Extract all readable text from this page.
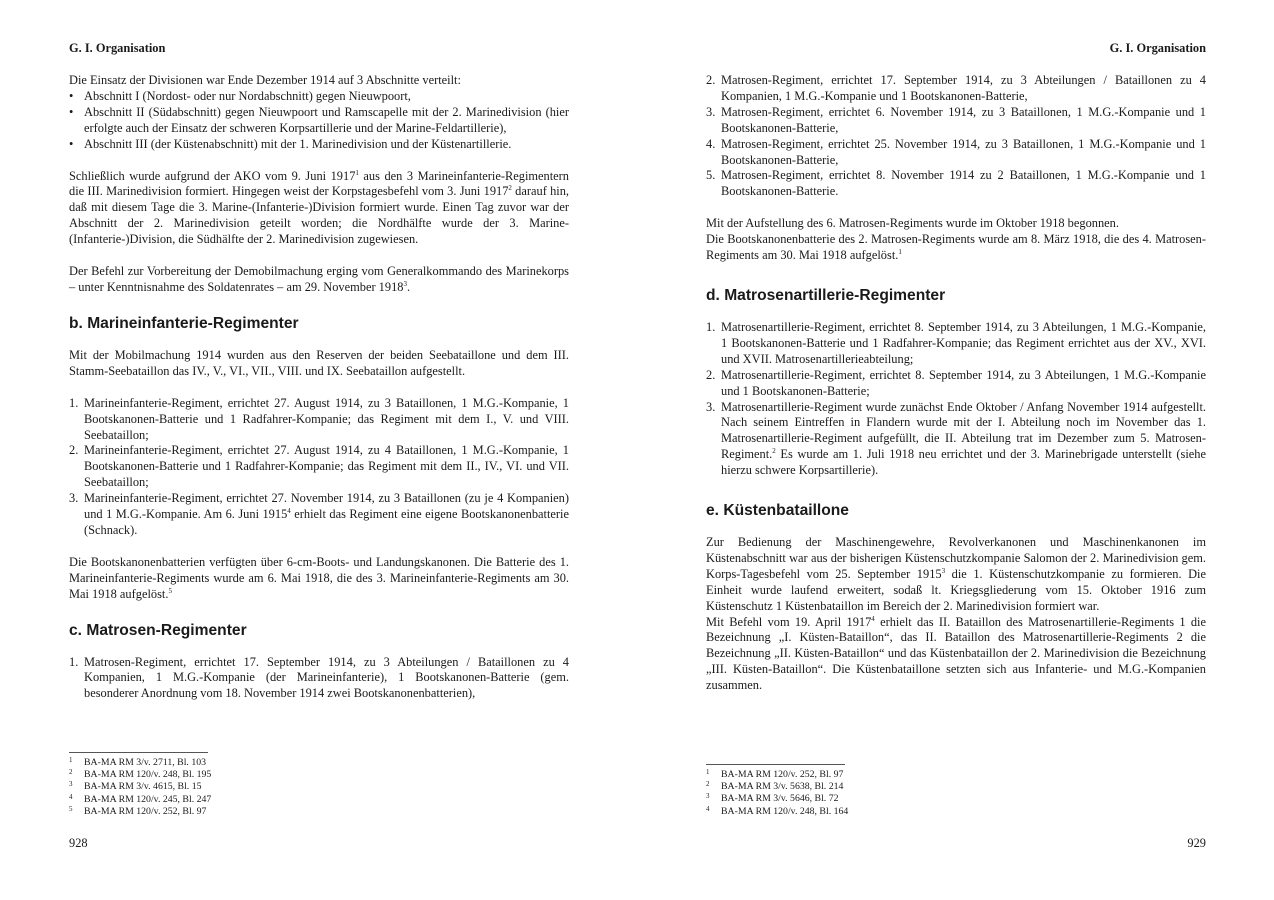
G. I. Organisation

Die Einsatz der Divisionen war Ende Dezember 1914 auf 3 Abschnitte verteilt:

• Abschnitt I (Nordost- oder nur Nordabschnitt) gegen Nieuwpoort,
• Abschnitt II (Südabschnitt) gegen Nieuwpoort und Ramscapelle mit der 2. Marinedivision (hier erfolgte auch der Einsatz der schweren Korpsartillerie und der Marine-Feldartillerie),
• Abschnitt III (der Küstenabschnitt) mit der 1. Marinedivision und der Küstenartillerie.

Schließlich wurde aufgrund der AKO vom 9. Juni 1917$^1$ aus den 3 Marineinfanterie-Regimentern die III. Marinedivision formiert. Hingegen weist der Korpstagesbefehl vom 3. Juni 1917$^2$ darauf hin, daß mit diesem Tage die 3. Marine-(Infanterie-)Division formiert wurde. Einen Tag zuvor war der Abschnitt der 2. Marinedivision geteilt worden; die Nordhälfte wurde der 3. Marine-(Infanterie-)Division, die Südhälfte der 2. Marinedivision zugewiesen.

Der Befehl zur Vorbereitung der Demobilmachung erging vom Generalkommando des Marinekorps – unter Kenntnisnahme des Soldatenrates – am 29. November 1918$^3$.

b. Marineinfanterie-Regimenter

Mit der Mobilmachung 1914 wurden aus den Reserven der beiden Seebataillone und dem III. Stamm-Seebataillon das IV., V., VI., VII., VIII. und IX. Seebataillon aufgestellt.

1. Marineinfanterie-Regiment, errichtet 27. August 1914, zu 3 Bataillonen, 1 M.G.-Kompanie, 1 Bootskanonen-Batterie und 1 Radfahrer-Kompanie; das Regiment mit dem I., V. und VIII. Seebataillon;
2. Marineinfanterie-Regiment, errichtet 27. August 1914, zu 4 Bataillonen, 1 M.G.-Kompanie, 1 Bootskanonen-Batterie und 1 Radfahrer-Kompanie; das Regiment mit dem II., IV., VI. und VII. Seebataillon;
3. Marineinfanterie-Regiment, errichtet 27. November 1914, zu 3 Bataillonen (zu je 4 Kompanien) und 1 M.G.-Kompanie. Am 6. Juni 1915$^4$ erhielt das Regiment eine eigene Bootskanonenbatterie (Schnack).

Die Bootskanonenbatterien verfügten über 6-cm-Boots- und Landungskanonen. Die Batterie des 1. Marineinfanterie-Regiments wurde am 6. Mai 1918, die des 3. Marineinfanterie-Regiments am 30. Mai 1918 aufgelöst.$^5$

c. Matrosen-Regimenter
1. Matrosen-Regiment, errichtet 17. September 1914, zu 3 Abteilungen / Bataillonen zu 4 Kompanien, 1 M.G.-Kompanie (der Marineinfanterie), 1 Bootskanonen-Batterie (gem. besonderer Anordnung vom 18. November 1914 zwei Bootskanonenbatterien),
1 BA-MA RM 3/v. 2711, Bl. 103
2 BA-MA RM 120/v. 248, Bl. 195
3 BA-MA RM 3/v. 4615, Bl. 15
4 BA-MA RM 120/v. 245, Bl. 247
5 BA-MA RM 120/v. 252, Bl. 97
928
G. I. Organisation
2. Matrosen-Regiment, errichtet 17. September 1914, zu 3 Abteilungen / Bataillonen zu 4 Kompanien, 1 M.G.-Kompanie und 1 Bootskanonen-Batterie,
3. Matrosen-Regiment, errichtet 6. November 1914, zu 3 Bataillonen, 1 M.G.-Kompanie und 1 Bootskanonen-Batterie,
4. Matrosen-Regiment, errichtet 25. November 1914, zu 3 Bataillonen, 1 M.G.-Kompanie und 1 Bootskanonen-Batterie,
5. Matrosen-Regiment, errichtet 8. November 1914 zu 2 Bataillonen, 1 M.G.-Kompanie und 1 Bootskanonen-Batterie.

Mit der Aufstellung des 6. Matrosen-Regiments wurde im Oktober 1918 begonnen.

Die Bootskanonenbatterie des 2. Matrosen-Regiments wurde am 8. März 1918, die des 4. Matrosen-Regiments am 30. Mai 1918 aufgelöst.$^1$

d. Matrosenartillerie-Regimenter
1. Matrosenartillerie-Regiment, errichtet 8. September 1914, zu 3 Abteilungen, 1 M.G.-Kompanie, 1 Bootskanonen-Batterie und 1 Radfahrer-Kompanie; das Regiment errichtet aus der XV., XVI. und XVII. Matrosenartillerieabteilung;
2. Matrosenartillerie-Regiment, errichtet 8. September 1914, zu 3 Abteilungen, 1 M.G.-Kompanie und 1 Bootskanonen-Batterie;
3. Matrosenartillerie-Regiment wurde zunächst Ende Oktober / Anfang November 1914 aufgestellt. Nach seinem Eintreffen in Flandern wurde mit der I. Abteilung noch im November das 1. Matrosenartillerie-Regiment aufgefüllt, die II. Abteilung trat im Dezember zum 5. Matrosen-Regiment.$^2$ Es wurde am 1. Juli 1918 neu errichtet und der 3. Marinebrigade unterstellt (siehe hierzu schwere Korpsartillerie).
e. Küstenbataillone

Zur Bedienung der Maschinengewehre, Revolverkanonen und Maschinenkanonen im Küstenabschnitt war aus der bisherigen Küstenschutzkompanie Salomon der 2. Marinedivision gem. Korps-Tagesbefehl vom 25. September 1915$^3$ die 1. Küstenschutzkompanie zu formieren. Die Einheit wurde laufend erweitert, sodaß lt. Kriegsgliederung vom 15. Oktober 1916 zum Küstenschutz 1 Küstenbataillon im Bereich der 2. Marinedivision formiert war.

Mit Befehl vom 19. April 1917$^4$ erhielt das II. Bataillon des Matrosenartillerie-Regiments 1 die Bezeichnung „I. Küsten-Bataillon“, das II. Bataillon des Matrosenartillerie-Regiments 2 die Bezeichnung „II. Küsten-Bataillon“ und das Küstenbataillon der 2. Marinedivision die Bezeichnung „III. Küsten-Bataillon“. Die Küstenbataillone setzten sich aus Infanterie- und M.G.-Kompanien zusammen.

1 BA-MA RM 120/v. 252, Bl. 97
2 BA-MA RM 3/v. 5638, Bl. 214
3 BA-MA RM 3/v. 5646, Bl. 72
4 BA-MA RM 120/v. 248, Bl. 164
929
